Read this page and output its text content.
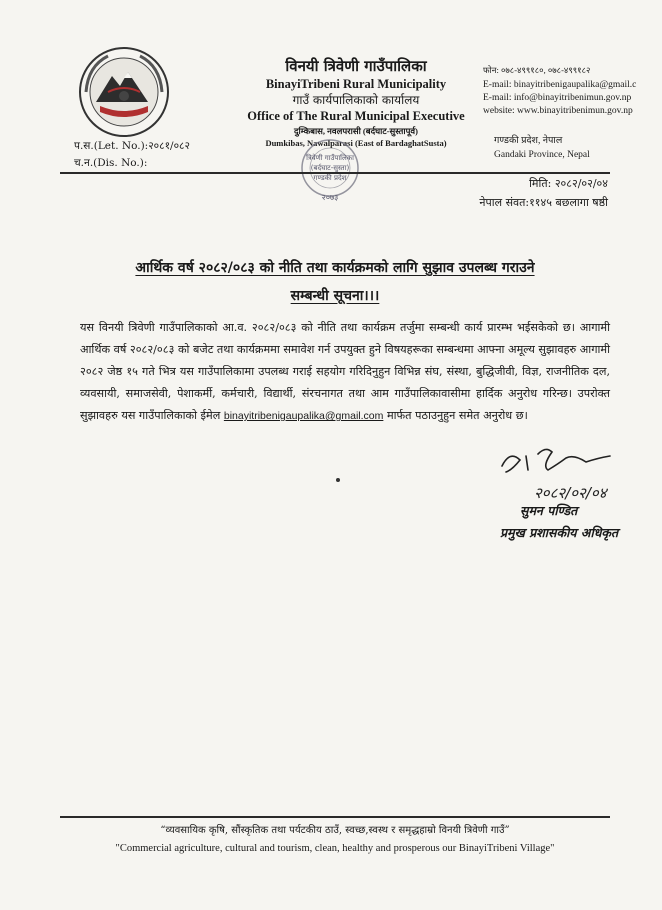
विनयी त्रिवेणी गाउँपालिका
BinayiTribeni Rural Municipality
गाउँ कार्यपालिकाको कार्यालय
Office of The Rural Municipal Executive
दुम्किबास, नवलपरासी (बर्दघाट-सुस्तापूर्व)
Dumkibas, Nawalparasi (East of BardaghatSusta)
फोन: ०७८-४९९१८०, ०७८-४९९१८२
E-mail: binayitribenigaupalika@gmail.c
E-mail: info@binayitribenimun.gov.np
website: www.binayitribenimun.gov.np
गण्डकी प्रदेश, नेपाल
Gandaki Province, Nepal
प.स.(Let. No.):२०८१/०८२
च.न.(Dis. No.):	त्रिवेणी गाउँपालिका
(बर्दघाट-सुस्ता)
गण्डकी प्रदेश
२०७३
मिति: २०८२/०२/०४
नेपाल संवत:११४५ बछलागा षष्ठी
आर्थिक वर्ष २०८२/०८३ को नीति तथा कार्यक्रमको लागि सुझाव उपलब्ध गराउने
सम्बन्धी सूचना।।।
यस विनयी त्रिवेणी गाउँपालिकाको आ.व. २०८२/०८३ को नीति तथा कार्यक्रम तर्जुमा सम्बन्धी कार्य प्रारम्भ भईसकेको छ। आगामी आर्थिक वर्ष २०८२/०८३ को बजेट तथा कार्यक्रममा समावेश गर्न उपयुक्त हुने विषयहरूका सम्बन्धमा आफ्ना अमूल्य सुझावहरु आगामी २०८२ जेष्ठ १५ गते भित्र यस गाउँपालिकामा उपलब्ध गराई सहयोग गरिदिनुहुन विभिन्न संघ, संस्था, बुद्धिजीवी, विज्ञ, राजनीतिक दल, व्यवसायी, समाजसेवी, पेशाकर्मी, कर्मचारी, विद्यार्थी, संरचनागत तथा आम गाउँपालिकावासीमा हार्दिक अनुरोध गरिन्छ। उपरोक्त सुझावहरु यस गाउँपालिकाको ईमेल binayitribenigaupalika@gmail.com मार्फत पठाउनुहुन समेत अनुरोध छ।
२०८२/०२/०४
सुमन पण्डित
प्रमुख प्रशासकीय अधिकृत
“व्यवसायिक कृषि, सौंस्कृतिक तथा पर्यटकीय ठाउँ, स्वच्छ,स्वस्थ र समृद्धहाम्रो विनयी त्रिवेणी गाउँ”
"Commercial agriculture, cultural and tourism, clean, healthy and prosperous our BinayiTribeni Village"
